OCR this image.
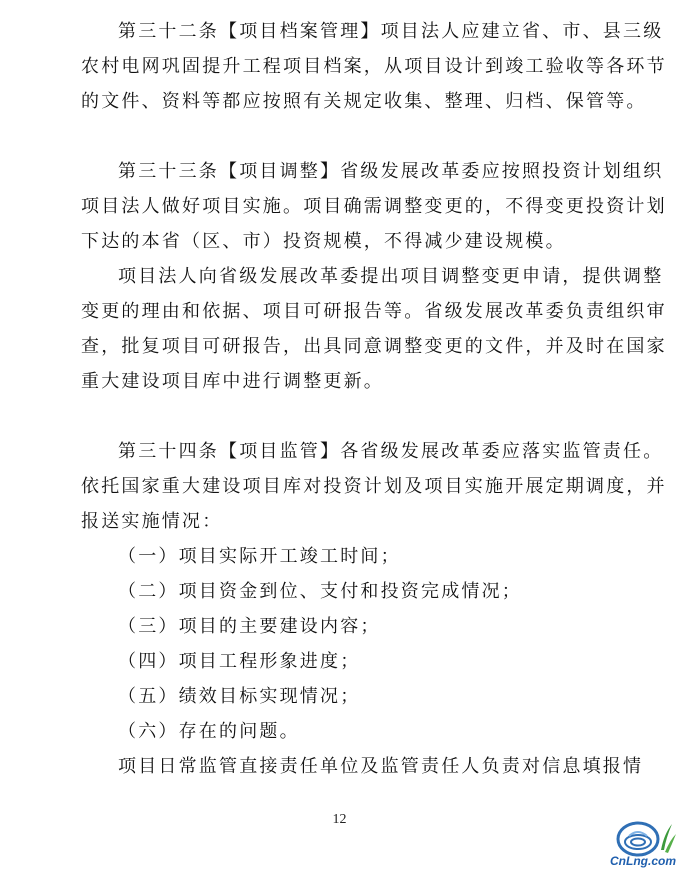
第三十二条【项目档案管理】项目法人应建立省、市、县三级
农村电网巩固提升工程项目档案，从项目设计到竣工验收等各环节
的文件、资料等都应按照有关规定收集、整理、归档、保管等。
第三十三条【项目调整】省级发展改革委应按照投资计划组织
项目法人做好项目实施。项目确需调整变更的，不得变更投资计划
下达的本省（区、市）投资规模，不得减少建设规模。
项目法人向省级发展改革委提出项目调整变更申请，提供调整
变更的理由和依据、项目可研报告等。省级发展改革委负责组织审
查，批复项目可研报告，出具同意调整变更的文件，并及时在国家
重大建设项目库中进行调整更新。
第三十四条【项目监管】各省级发展改革委应落实监管责任。
依托国家重大建设项目库对投资计划及项目实施开展定期调度，并
报送实施情况：
（一）项目实际开工竣工时间；
（二）项目资金到位、支付和投资完成情况；
（三）项目的主要建设内容；
（四）项目工程形象进度；
（五）绩效目标实现情况；
（六）存在的问题。
项目日常监管直接责任单位及监管责任人负责对信息填报情
12
CnLng.com
